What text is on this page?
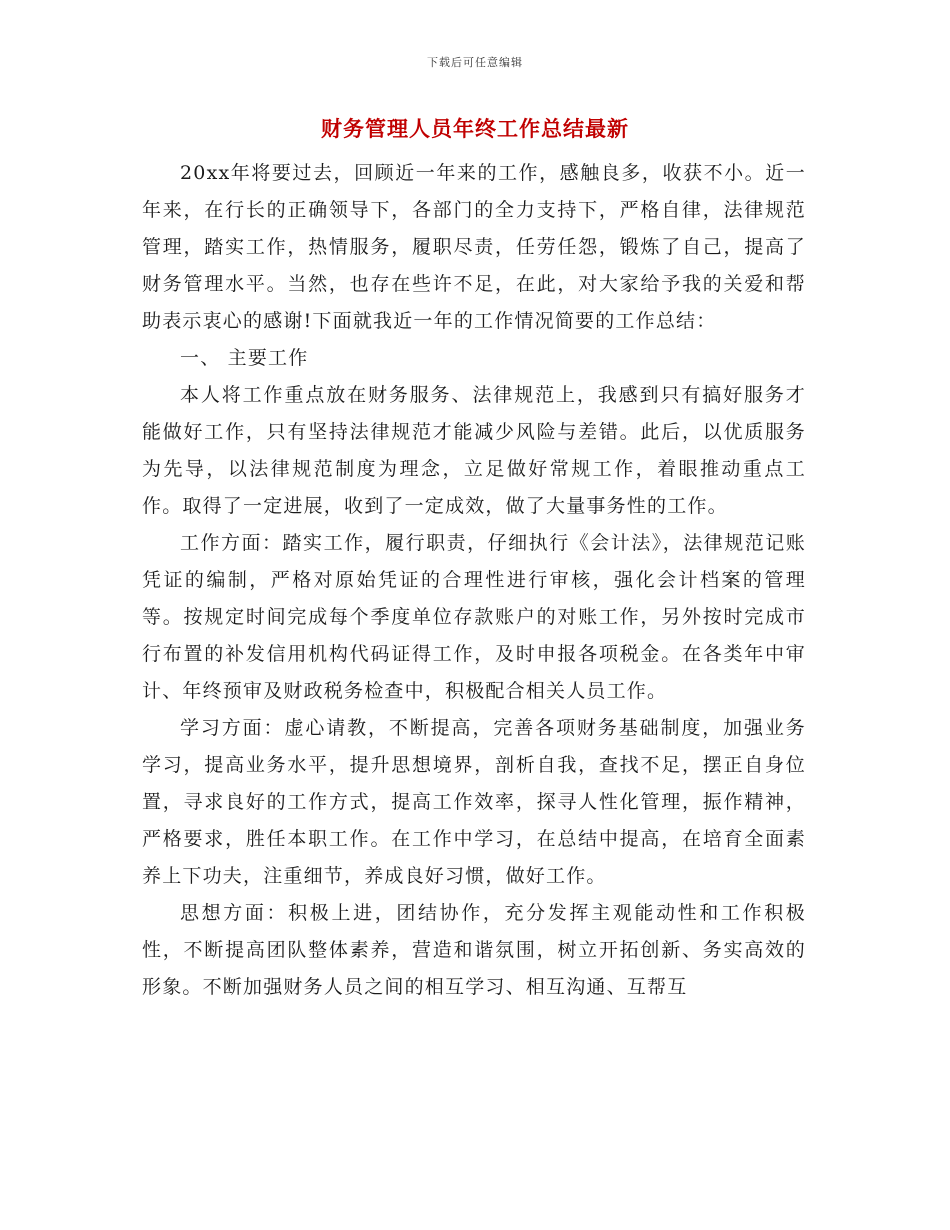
下载后可任意编辑
财务管理人员年终工作总结最新

20xx年将要过去，回顾近一年来的工作，感触良多，收获不小。近一年来，在行长的正确领导下，各部门的全力支持下，严格自律，法律规范管理，踏实工作，热情服务，履职尽责，任劳任怨，锻炼了自己，提高了财务管理水平。当然，也存在些许不足，在此，对大家给予我的关爱和帮助表示衷心的感谢!下面就我近一年的工作情况简要的工作总结：

一、 主要工作

本人将工作重点放在财务服务、法律规范上，我感到只有搞好服务才能做好工作，只有坚持法律规范才能减少风险与差错。此后，以优质服务为先导，以法律规范制度为理念，立足做好常规工作，着眼推动重点工作。取得了一定进展，收到了一定成效，做了大量事务性的工作。

工作方面：踏实工作，履行职责，仔细执行《会计法》，法律规范记账凭证的编制，严格对原始凭证的合理性进行审核，强化会计档案的管理等。按规定时间完成每个季度单位存款账户的对账工作，另外按时完成市行布置的补发信用机构代码证得工作，及时申报各项税金。在各类年中审计、年终预审及财政税务检查中，积极配合相关人员工作。

学习方面：虚心请教，不断提高，完善各项财务基础制度，加强业务学习，提高业务水平，提升思想境界，剖析自我，查找不足，摆正自身位置，寻求良好的工作方式，提高工作效率，探寻人性化管理，振作精神，严格要求，胜任本职工作。在工作中学习，在总结中提高，在培育全面素养上下功夫，注重细节，养成良好习惯，做好工作。

思想方面：积极上进，团结协作，充分发挥主观能动性和工作积极性，不断提高团队整体素养，营造和谐氛围，树立开拓创新、务实高效的形象。不断加强财务人员之间的相互学习、相互沟通、互帮互
